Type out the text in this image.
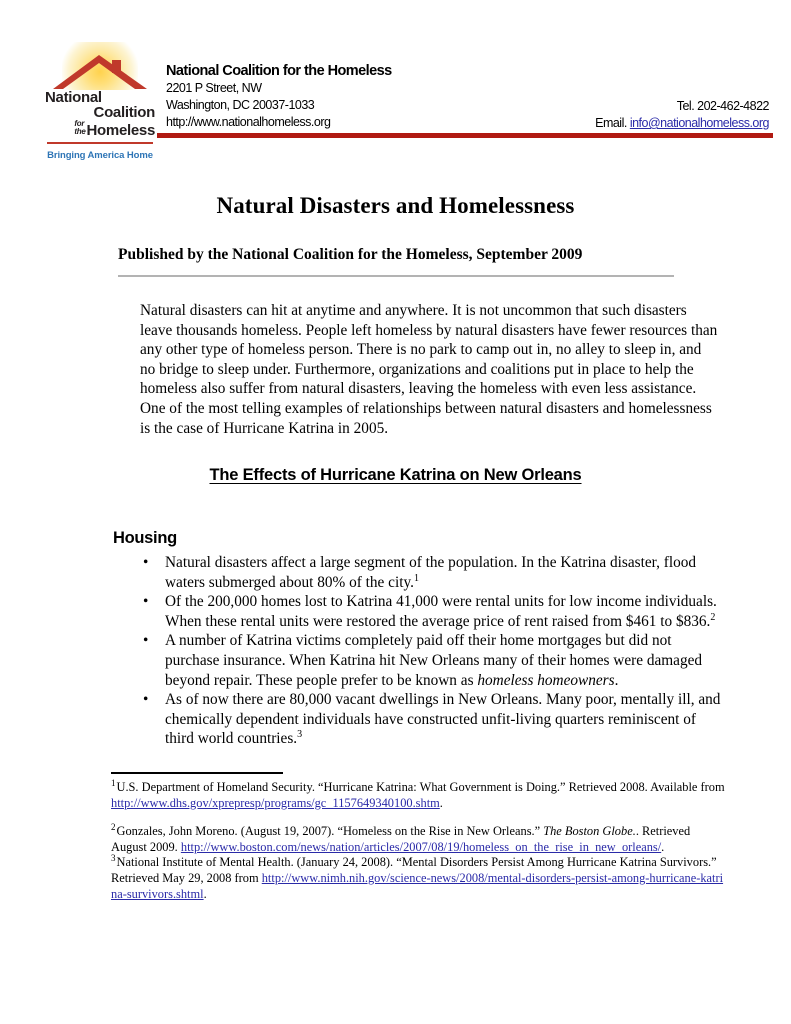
National
Coalition
for
the Homeless
Bringing America Home
National Coalition for the Homeless
2201 P Street, NW
Washington, DC 20037-1033
http://www.nationalhomeless.org
Tel. 202-462-4822
Email. info@nationalhomeless.org
Natural Disasters and Homelessness
Published by the National Coalition for the Homeless, September 2009
Natural disasters can hit at anytime and anywhere. It is not uncommon that such disasters leave thousands homeless. People left homeless by natural disasters have fewer resources than any other type of homeless person. There is no park to camp out in, no alley to sleep in, and no bridge to sleep under. Furthermore, organizations and coalitions put in place to help the homeless also suffer from natural disasters, leaving the homeless with even less assistance. One of the most telling examples of relationships between natural disasters and homelessness is the case of Hurricane Katrina in 2005.
The Effects of Hurricane Katrina on New Orleans
Housing
• Natural disasters affect a large segment of the population. In the Katrina disaster, flood waters submerged about 80% of the city.$^1$
• Of the 200,000 homes lost to Katrina 41,000 were rental units for low income individuals. When these rental units were restored the average price of rent raised from $461 to $836.$^2$
• A number of Katrina victims completely paid off their home mortgages but did not purchase insurance. When Katrina hit New Orleans many of their homes were damaged beyond repair. These people prefer to be known as homeless homeowners.
• As of now there are 80,000 vacant dwellings in New Orleans. Many poor, mentally ill, and chemically dependent individuals have constructed unfit-living quarters reminiscent of third world countries.$^3$
$^1$U.S. Department of Homeland Security. “Hurricane Katrina: What Government is Doing.” Retrieved 2008. Available from http://www.dhs.gov/xprepresp/programs/gc_1157649340100.shtm.
$^2$Gonzales, John Moreno. (August 19, 2007). “Homeless on the Rise in New Orleans.” The Boston Globe.. Retrieved August 2009. http://www.boston.com/news/nation/articles/2007/08/19/homeless_on_the_rise_in_new_orleans/.
$^3$National Institute of Mental Health. (January 24, 2008). “Mental Disorders Persist Among Hurricane Katrina Survivors.” Retrieved May 29, 2008 from http://www.nimh.nih.gov/science-news/2008/mental-disorders-persist-among-hurricane-katrina-survivors.shtml.
